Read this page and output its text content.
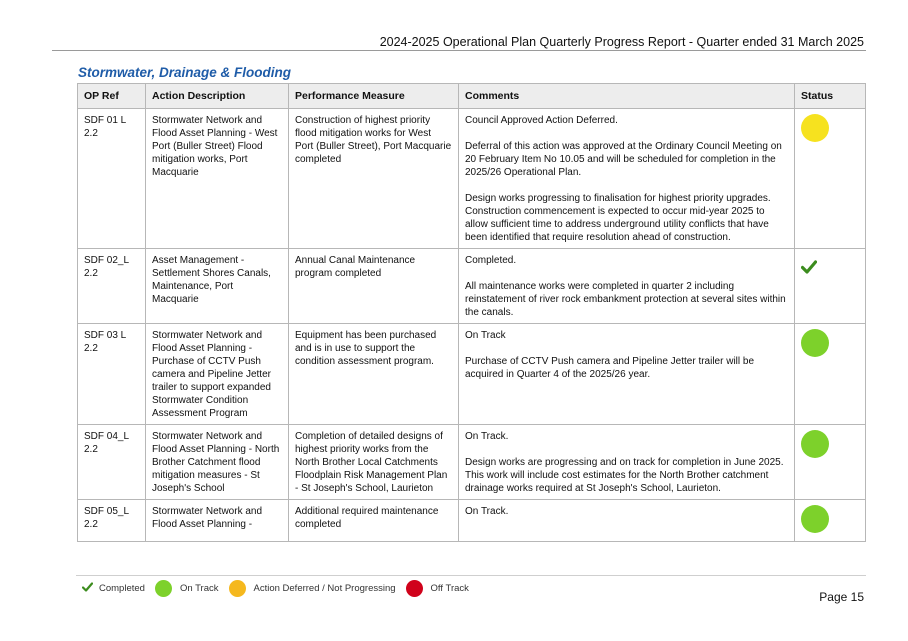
2024-2025 Operational Plan Quarterly Progress Report - Quarter ended 31 March 2025
Stormwater, Drainage & Flooding
OP Ref	Action Description	Performance Measure	Comments	Status
SDF 01 L 2.2	Stormwater Network and Flood Asset Planning - West Port (Buller Street) Flood mitigation works, Port Macquarie	Construction of highest priority flood mitigation works for West Port (Buller Street), Port Macquarie completed	Council Approved Action Deferred.

Deferral of this action was approved at the Ordinary Council Meeting on 20 February Item No 10.05 and will be scheduled for completion in the 2025/26 Operational Plan.

Design works progressing to finalisation for highest priority upgrades. Construction commencement is expected to occur mid-year 2025 to allow sufficient time to address underground utility conflicts that have been identified that require resolution ahead of construction.	

SDF 02_L 2.2	Asset Management - Settlement Shores Canals, Maintenance, Port Macquarie	Annual Canal Maintenance program completed	Completed.

All maintenance works were completed in quarter 2 including reinstatement of river rock embankment protection at several sites within the canals.

SDF 03 L 2.2	Stormwater Network and Flood Asset Planning - Purchase of CCTV Push camera and Pipeline Jetter trailer to support expanded Stormwater Condition Assessment Program	Equipment has been purchased and is in use to support the condition assessment program.	On Track

Purchase of CCTV Push camera and Pipeline Jetter trailer will be acquired in Quarter 4 of the 2025/26 year.	

SDF 04_L 2.2	Stormwater Network and Flood Asset Planning - North Brother Catchment flood mitigation measures - St Joseph's School	Completion of detailed designs of highest priority works from the North Brother Local Catchments Floodplain Risk Management Plan - St Joseph's School, Laurieton	On Track.

Design works are progressing and on track for completion in June 2025. This work will include cost estimates for the North Brother catchment drainage works required at St Joseph's School, Laurieton.	

SDF 05_L 2.2	Stormwater Network and Flood Asset Planning -	Additional required maintenance completed	On Track.	

Completed	On Track	Action Deferred / Not Progressing	Off Track
Page 15
